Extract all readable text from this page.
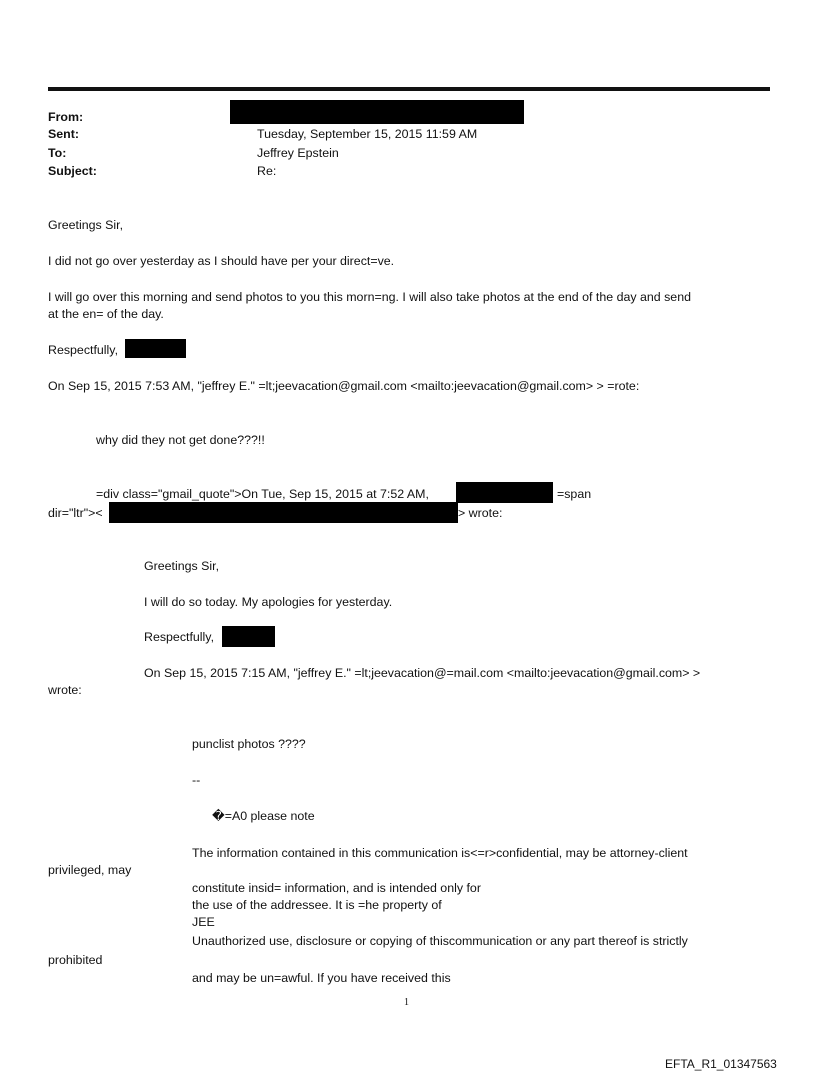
From:
Sent:	Tuesday, September 15, 2015 11:59 AM
To:	Jeffrey Epstein
Subject:	Re:
Greetings Sir,
I did not go over yesterday as I should have per your direct=ve.
I will go over this morning and send photos to you this morn=ng. I will also take photos at the end of the day and send
at the en= of the day.
Respectfully,
On Sep 15, 2015 7:53 AM, "jeffrey E." =lt;jeevacation@gmail.com <mailto:jeevacation@gmail.com> > =rote:
why did they not get done???!!
=div class="gmail_quote">On Tue, Sep 15, 2015 at 7:52 AM,	=span
dir="ltr"><	> wrote:
Greetings Sir,
I will do so today. My apologies for yesterday.
Respectfully,
On Sep 15, 2015 7:15 AM, "jeffrey E." =lt;jeevacation@=mail.com <mailto:jeevacation@gmail.com> >
wrote:
punclist photos ????
--
�=A0 please note
The information contained in this communication is<=r>confidential, may be attorney-client
privileged, may
constitute insid= information, and is intended only for
the use of the addressee. It is =he property of
JEE
Unauthorized use, disclosure or copying of thiscommunication or any part thereof is strictly
prohibited
and may be un=awful. If you have received this
1
EFTA_R1_01347563
